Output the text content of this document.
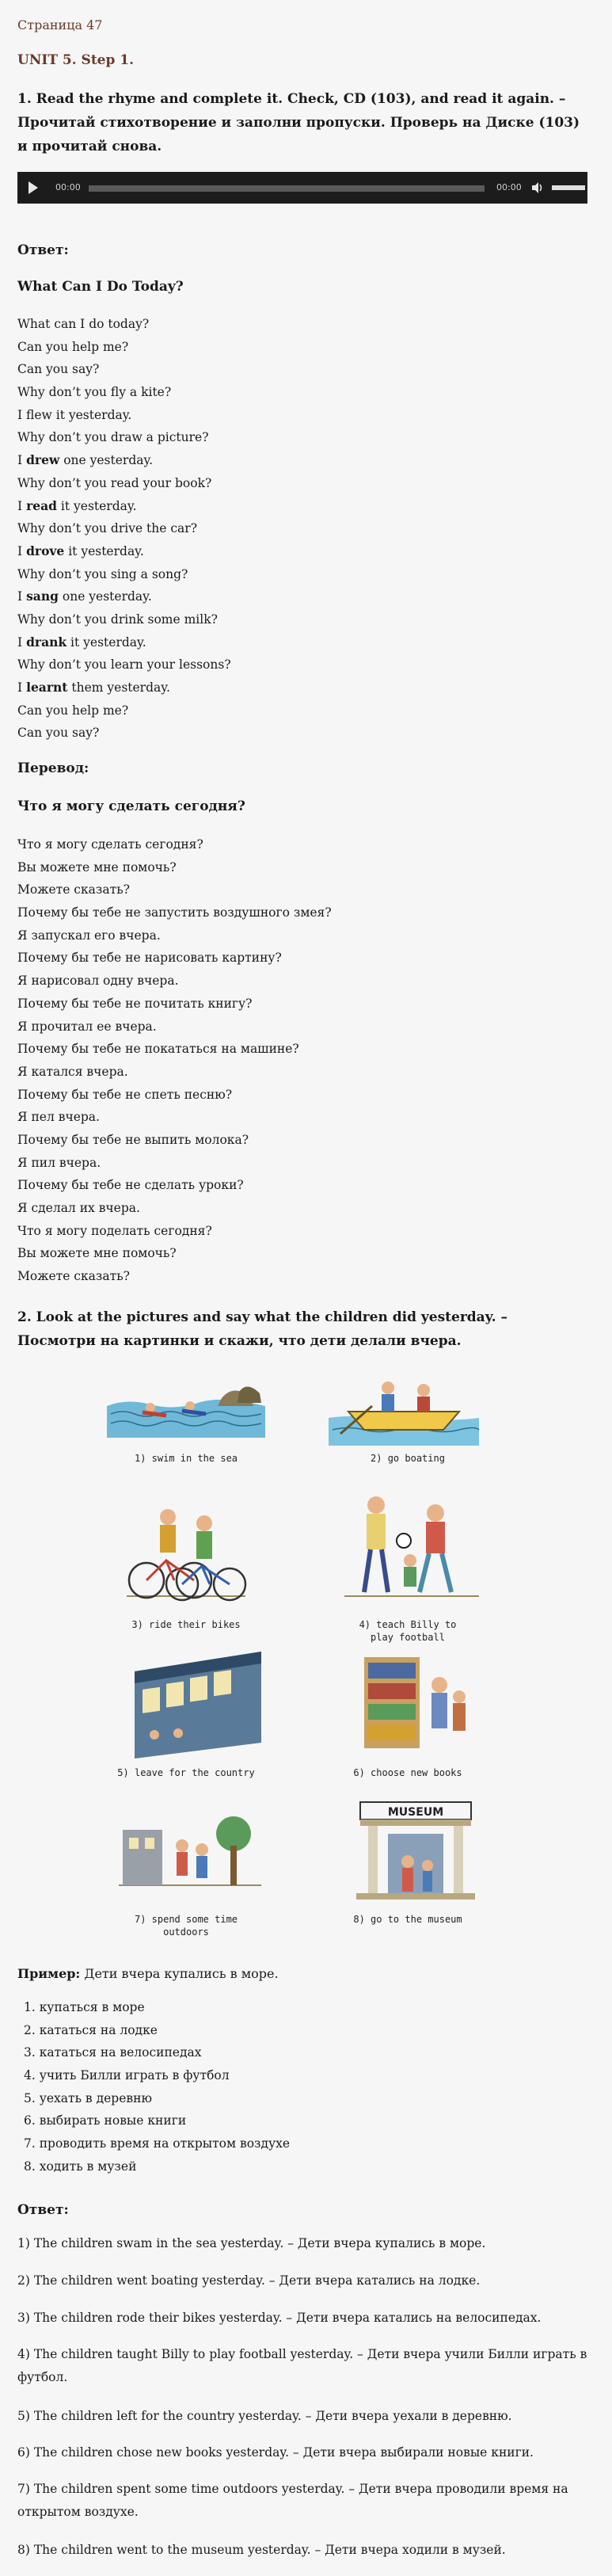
Страница 47
UNIT 5. Step 1.
1. Read the rhyme and complete it. Check, CD (103), and read it again. – Прочитай стихотворение и заполни пропуски. Проверь на Диске (103) и прочитай снова.
00:00	00:00
Ответ:
What Can I Do Today?
What can I do today?
Can you help me?
Can you say?
Why don’t you fly a kite?
I flew it yesterday.
Why don’t you draw a picture?
I drew one yesterday.
Why don’t you read your book?
I read it yesterday.
Why don’t you drive the car?
I drove it yesterday.
Why don’t you sing a song?
I sang one yesterday.
Why don’t you drink some milk?
I drank it yesterday.
Why don’t you learn your lessons?
I learnt them yesterday.
Can you help me?
Can you say?
Перевод:
Что я могу сделать сегодня?
Что я могу сделать сегодня?
Вы можете мне помочь?
Можете сказать?
Почему бы тебе не запустить воздушного змея?
Я запускал его вчера.
Почему бы тебе не нарисовать картину?
Я нарисовал одну вчера.
Почему бы тебе не почитать книгу?
Я прочитал ее вчера.
Почему бы тебе не покататься на машине?
Я катался вчера.
Почему бы тебе не спеть песню?
Я пел вчера.
Почему бы тебе не выпить молока?
Я пил вчера.
Почему бы тебе не сделать уроки?
Я сделал их вчера.
Что я могу поделать сегодня?
Вы можете мне помочь?
Можете сказать?
2. Look at the pictures and say what the children did yesterday. – Посмотри на картинки и скажи, что дети делали вчера.
1) swim in the sea	2) go boating
3) ride their bikes	4) teach Billy to
play football
5) leave for the country	6) choose new books
7) spend some time
outdoors
MUSEUM
8) go to the museum
Пример: Дети вчера купались в море.
1. купаться в море
2. кататься на лодке
3. кататься на велосипедах
4. учить Билли играть в футбол
5. уехать в деревню
6. выбирать новые книги
7. проводить время на открытом воздухе
8. ходить в музей
Ответ:
1) The children swam in the sea yesterday. – Дети вчера купались в море.
2) The children went boating yesterday. – Дети вчера катались на лодке.
3) The children rode their bikes yesterday. – Дети вчера катались на велосипедах.
4) The children taught Billy to play football yesterday. – Дети вчера учили Билли играть в футбол.
5) The children left for the country yesterday. – Дети вчера уехали в деревню.
6) The children chose new books yesterday. – Дети вчера выбирали новые книги.
7) The children spent some time outdoors yesterday. – Дети вчера проводили время на открытом воздухе.
8) The children went to the museum yesterday. – Дети вчера ходили в музей.
